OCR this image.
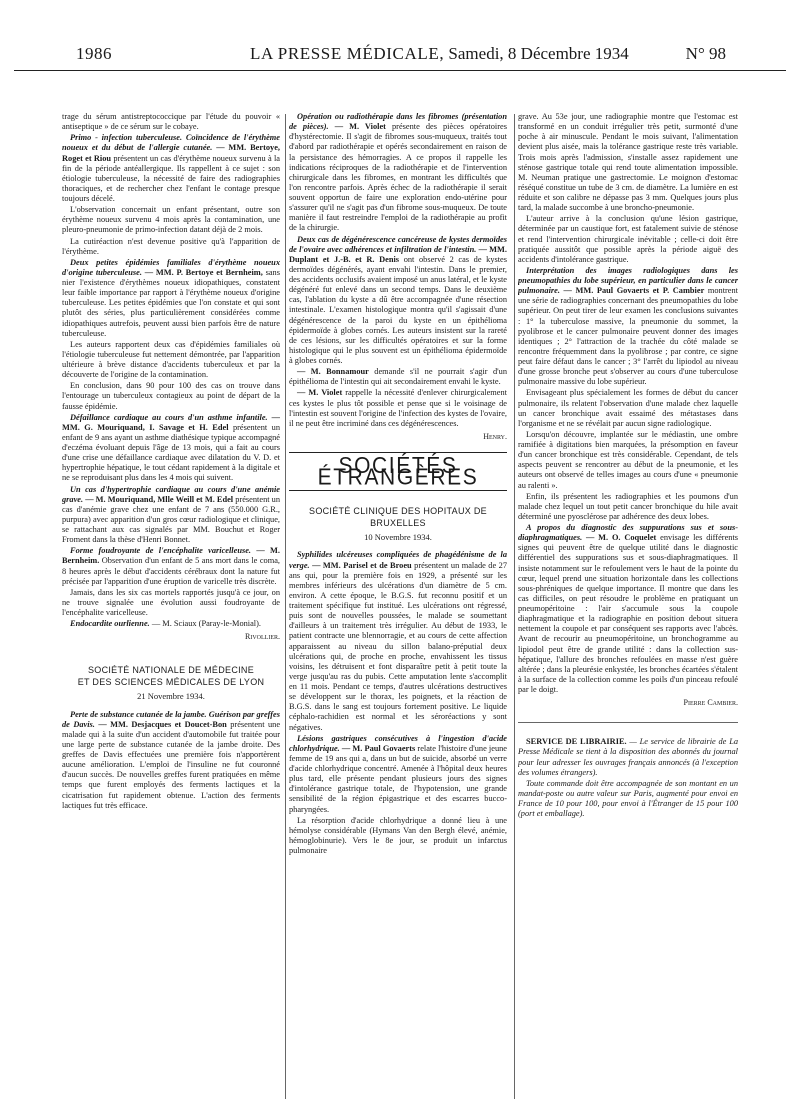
1986	LA PRESSE MÉDICALE, Samedi, 8 Décembre 1934	N° 98

trage du sérum antistreptococcique par l'étude du pouvoir « antiseptique » de ce sérum sur le cobaye.

Primo - infection tuberculeuse. Coïncidence de l'érythème noueux et du début de l'allergie cutanée. — MM. Bertoye, Roget et Riou présentent un cas d'érythème noueux survenu à la fin de la période antéallergique. Ils rappellent à ce sujet : son étiologie tuberculeuse, la nécessité de faire des radiographies thoraciques, et de rechercher chez l'enfant le contage presque toujours décelé.

L'observation concernait un enfant présentant, outre son érythème noueux survenu 4 mois après la contamination, une pleuro-pneumonie de primo-infection datant déjà de 2 mois.

La cutiréaction n'est devenue positive qu'à l'apparition de l'érythème.

Deux petites épidémies familiales d'érythème noueux d'origine tuberculeuse. — MM. P. Bertoye et Bernheim, sans nier l'existence d'érythèmes noueux idiopathiques, constatent leur faible importance par rapport à l'érythème noueux d'origine tuberculeuse. Les petites épidémies que l'on constate et qui sont plutôt des séries, plus particulièrement considérées comme idiopathiques autrefois, peuvent aussi bien parfois être de nature tuberculeuse.

Les auteurs rapportent deux cas d'épidémies familiales où l'étiologie tuberculeuse fut nettement démontrée, par l'apparition ultérieure à brève distance d'accidents tuberculeux et par la découverte de l'origine de la contamination.

En conclusion, dans 90 pour 100 des cas on trouve dans l'entourage un tuberculeux contagieux au point de départ de la fausse épidémie.

Défaillance cardiaque au cours d'un asthme infantile. — MM. G. Mouriquand, I. Savage et H. Edel présentent un enfant de 9 ans ayant un asthme diathésique typique accompagné d'eczéma évoluant depuis l'âge de 13 mois, qui a fait au cours d'une crise une défaillance cardiaque avec dilatation du V. D. et hypertrophie hépatique, le tout cédant rapidement à la digitale et ne se reproduisant plus dans les 4 mois qui suivent.

Un cas d'hypertrophie cardiaque au cours d'une anémie grave. — M. Mouriquand, Mlle Weill et M. Edel présentent un cas d'anémie grave chez une enfant de 7 ans (550.000 G.R., purpura) avec apparition d'un gros cœur radiologique et clinique, se rattachant aux cas signalés par MM. Bouchut et Roger Froment dans la thèse d'Henri Bonnet.

Forme foudroyante de l'encéphalite varicelleuse. — M. Bernheim. Observation d'un enfant de 5 ans mort dans le coma, 8 heures après le début d'accidents cérébraux dont la nature fut précisée par l'apparition d'une éruption de varicelle très discrète.

Jamais, dans les six cas mortels rapportés jusqu'à ce jour, on ne trouve signalée une évolution aussi foudroyante de l'encéphalite varicelleuse.

Endocardite ourlienne. — M. Sciaux (Paray-le-Monial).

Rivollier.
SOCIÉTÉ NATIONALE DE MÉDECINE
ET DES SCIENCES MÉDICALES DE LYON
21 Novembre 1934.

Perte de substance cutanée de la jambe. Guérison par greffes de Davis. — MM. Desjacques et Doucet-Bon présentent une malade qui à la suite d'un accident d'automobile fut traitée pour une large perte de substance cutanée de la jambe droite. Des greffes de Davis effectuées une première fois n'apportèrent aucune amélioration. L'emploi de l'insuline ne fut couronné d'aucun succès. De nouvelles greffes furent pratiquées en même temps que furent employés des ferments lactiques et la cicatrisation fut rapidement obtenue. L'action des ferments lactiques fut très efficace.

Opération ou radiothérapie dans les fibromes (présentation de pièces). — M. Violet présente des pièces opératoires d'hystérectomie. Il s'agit de fibromes sous-muqueux, traités tout d'abord par radiothérapie et opérés secondairement en raison de la persistance des hémorragies. A ce propos il rappelle les indications réciproques de la radiothérapie et de l'intervention chirurgicale dans les fibromes, en montrant les difficultés que l'on rencontre parfois. Après échec de la radiothérapie il serait souvent opportun de faire une exploration endo-utérine pour s'assurer qu'il ne s'agit pas d'un fibrome sous-muqueux. De toute manière il faut restreindre l'emploi de la radiothérapie au profit de la chirurgie.

Deux cas de dégénérescence cancéreuse de kystes dermoïdes de l'ovaire avec adhérences et infiltration de l'intestin. — MM. Duplant et J.-B. et R. Denis ont observé 2 cas de kystes dermoïdes dégénérés, ayant envahi l'intestin. Dans le premier, des accidents occlusifs avaient imposé un anus latéral, et le kyste dégénéré fut enlevé dans un second temps. Dans le deuxième cas, l'ablation du kyste a dû être accompagnée d'une résection intestinale. L'examen histologique montra qu'il s'agissait d'une dégénérescence de la paroi du kyste en un épithélioma épidermoïde à globes cornés. Les auteurs insistent sur la rareté de ces lésions, sur les difficultés opératoires et sur la forme histologique qui le plus souvent est un épithélioma épidermoïde à globes cornés.

— M. Bonnamour demande s'il ne pourrait s'agir d'un épithélioma de l'intestin qui ait secondairement envahi le kyste.

— M. Violet rappelle la nécessité d'enlever chirurgicalement ces kystes le plus tôt possible et pense que si le voisinage de l'intestin est souvent l'origine de l'infection des kystes de l'ovaire, il ne peut être incriminé dans ces dégénérescences.

Henry.
SOCIÉTÉS ÉTRANGÈRES
SOCIÉTÉ CLINIQUE DES HOPITAUX DE BRUXELLES
10 Novembre 1934.

Syphilides ulcéreuses compliquées de phagédénisme de la verge. — MM. Parisel et de Broeu présentent un malade de 27 ans qui, pour la première fois en 1929, a présenté sur les membres inférieurs des ulcérations d'un diamètre de 5 cm. environ. A cette époque, le B.G.S. fut reconnu positif et un traitement spécifique fut institué. Les ulcérations ont régressé, puis sont de nouvelles poussées, le malade se soumettant d'ailleurs à un traitement très irrégulier. Au début de 1933, le patient contracte une blennorragie, et au cours de cette affection apparaissent au niveau du sillon balano-préputial deux ulcérations qui, de proche en proche, envahissent les tissus voisins, les détruisent et font disparaître petit à petit toute la verge jusqu'au ras du pubis. Cette amputation lente s'accomplit en 11 mois. Pendant ce temps, d'autres ulcérations destructives se développent sur le thorax, les poignets, et la réaction de B.G.S. dans le sang est toujours fortement positive. Le liquide céphalo-rachidien est normal et les séroréactions y sont négatives.

Lésions gastriques consécutives à l'ingestion d'acide chlorhydrique. — M. Paul Govaerts relate l'histoire d'une jeune femme de 19 ans qui a, dans un but de suicide, absorbé un verre d'acide chlorhydrique concentré. Amenée à l'hôpital deux heures plus tard, elle présente pendant plusieurs jours des signes d'intolérance gastrique totale, de l'hypotension, une grande sensibilité de la région épigastrique et des escarres bucco-pharyngées.

La résorption d'acide chlorhydrique a donné lieu à une hémolyse considérable (Hymans Van den Bergh élevé, anémie, hémoglobinurie). Vers le 8e jour, se produit un infarctus pulmonaire

grave. Au 53e jour, une radiographie montre que l'estomac est transformé en un conduit irrégulier très petit, surmonté d'une poche à air minuscule. Pendant le mois suivant, l'alimentation devient plus aisée, mais la tolérance gastrique reste très variable. Trois mois après l'admission, s'installe assez rapidement une sténose gastrique totale qui rend toute alimentation impossible. M. Neuman pratique une gastrectomie. Le moignon d'estomac réséqué constitue un tube de 3 cm. de diamètre. La lumière en est réduite et son calibre ne dépasse pas 3 mm. Quelques jours plus tard, la malade succombe à une broncho-pneumonie.

L'auteur arrive à la conclusion qu'une lésion gastrique, déterminée par un caustique fort, est fatalement suivie de sténose et rend l'intervention chirurgicale inévitable ; celle-ci doit être pratiquée aussitôt que possible après la période aiguë des accidents d'intolérance gastrique.

Interprétation des images radiologiques dans les pneumopathies du lobe supérieur, en particulier dans le cancer pulmonaire. — MM. Paul Govaerts et P. Cambier montrent une série de radiographies concernant des pneumopathies du lobe supérieur. On peut tirer de leur examen les conclusions suivantes : 1° la tuberculose massive, la pneumonie du sommet, la pyolibrose et le cancer pulmonaire peuvent donner des images identiques ; 2° l'attraction de la trachée du côté malade se rencontre fréquemment dans la pyolibrose ; par contre, ce signe peut faire défaut dans le cancer ; 3° l'arrêt du lipiodol au niveau d'une grosse bronche peut s'observer au cours d'une tuberculose pulmonaire massive du lobe supérieur.

Envisageant plus spécialement les formes de début du cancer pulmonaire, ils relatent l'observation d'une malade chez laquelle un cancer bronchique avait essaimé des métastases dans l'organisme et ne se révélait par aucun signe radiologique.

Lorsqu'on découvre, implantée sur le médiastin, une ombre ramifiée à digitations bien marquées, la présomption en faveur d'un cancer bronchique est très considérable. Cependant, de tels aspects peuvent se rencontrer au début de la pneumonie, et les auteurs ont observé de telles images au cours d'une « pneumonie au ralenti ».

Enfin, ils présentent les radiographies et les poumons d'un malade chez lequel un tout petit cancer bronchique du hile avait déterminé une pyosclérose par adhérence des deux lobes.

A propos du diagnostic des suppurations sus et sous-diaphragmatiques. — M. O. Coquelet envisage les différents signes qui peuvent être de quelque utilité dans le diagnostic différentiel des suppurations sus et sous-diaphragmatiques. Il insiste notamment sur le refoulement vers le haut de la pointe du cœur, lequel prend une situation horizontale dans les collections sous-phréniques de quelque importance. Il montre que dans les cas difficiles, on peut résoudre le problème en pratiquant un pneumopéritoine : l'air s'accumule sous la coupole diaphragmatique et la radiographie en position debout situera nettement la coupole et par conséquent ses rapports avec l'abcès. Avant de recourir au pneumopéritoine, un bronchogramme au lipiodol peut être de grande utilité : dans la collection sus-hépatique, l'allure des bronches refoulées en masse n'est guère altérée ; dans la pleurésie enkystée, les bronches écartées s'étalent à la surface de la collection comme les poils d'un pinceau refoulé par le doigt.

Pierre Cambier.

SERVICE DE LIBRAIRIE. — Le service de librairie de La Presse Médicale se tient à la disposition des abonnés du journal pour leur adresser les ouvrages français annoncés (à l'exception des volumes étrangers).

Toute commande doit être accompagnée de son montant en un mandat-poste ou autre valeur sur Paris, augmenté pour envoi en France de 10 pour 100, pour envoi à l'Étranger de 15 pour 100 (port et emballage).
